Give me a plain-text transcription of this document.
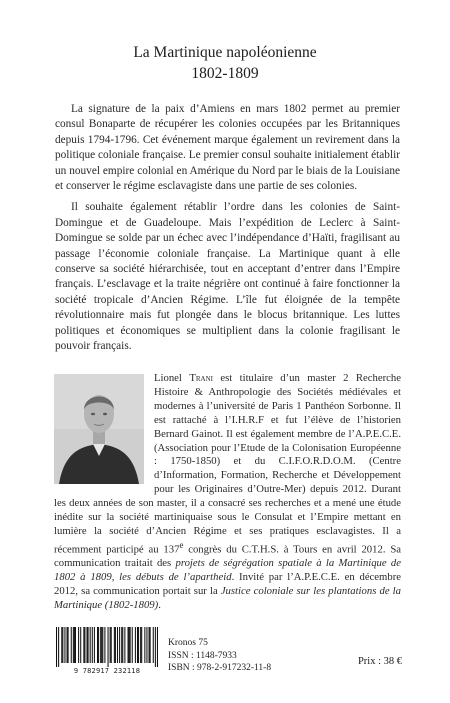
La Martinique napoléonienne
1802-1809

La signature de la paix d’Amiens en mars 1802 permet au premier consul Bonaparte de récupérer les colonies occupées par les Britanniques depuis 1794-1796. Cet événement marque également un revirement dans la politique coloniale française. Le premier consul souhaite initialement établir un nouvel empire colonial en Amérique du Nord par le biais de la Louisiane et conserver le régime esclavagiste dans une partie de ses colonies.

Il souhaite également rétablir l’ordre dans les colonies de Saint-Domingue et de Guadeloupe. Mais l’expédition de Leclerc à Saint-Domingue se solde par un échec avec l’indépendance d’Haïti, fragilisant au passage l’économie coloniale française. La Martinique quant à elle conserve sa société hiérarchisée, tout en acceptant d’entrer dans l’Empire français. L’esclavage et la traite négrière ont continué à faire fonctionner la société tropicale d’Ancien Régime. L’île fut éloignée de la tempête révolutionnaire mais fut plongée dans le blocus britannique. Les luttes politiques et économiques se multiplient dans la colonie fragilisant le pouvoir français.

Lionel Trani est titulaire d’un master 2 Recherche Histoire & Anthropologie des Sociétés médiévales et modernes à l’université de Paris 1 Panthéon Sorbonne. Il est rattaché à l’I.H.R.F et fut l’élève de l’historien Bernard Gainot. Il est également membre de l’A.P.E.C.E. (Association pour l’Etude de la Colonisation Européenne : 1750-1850) et du C.I.F.O.R.D.O.M. (Centre d’Information, Formation, Recherche et Développement pour les Originaires d’Outre-Mer) depuis 2012. Durant les deux années de son master, il a consacré ses recherches et a mené une étude inédite sur la société martiniquaise sous le Consulat et l’Empire mettant en lumière la société d’Ancien Régime et ses pratiques esclavagistes. Il a récemment participé au 137e congrès du C.T.H.S. à Tours en avril 2012. Sa communication traitait des projets de ségrégation spatiale à la Martinique de 1802 à 1809, les débuts de l’apartheid. Invité par l’A.P.E.C.E. en décembre 2012, sa communication portait sur la Justice coloniale sur les plantations de la Martinique (1802-1809).

9 782917 232118
Kronos 75
ISSN : 1148-7933
ISBN : 978-2-917232-11-8
Prix : 38 €
